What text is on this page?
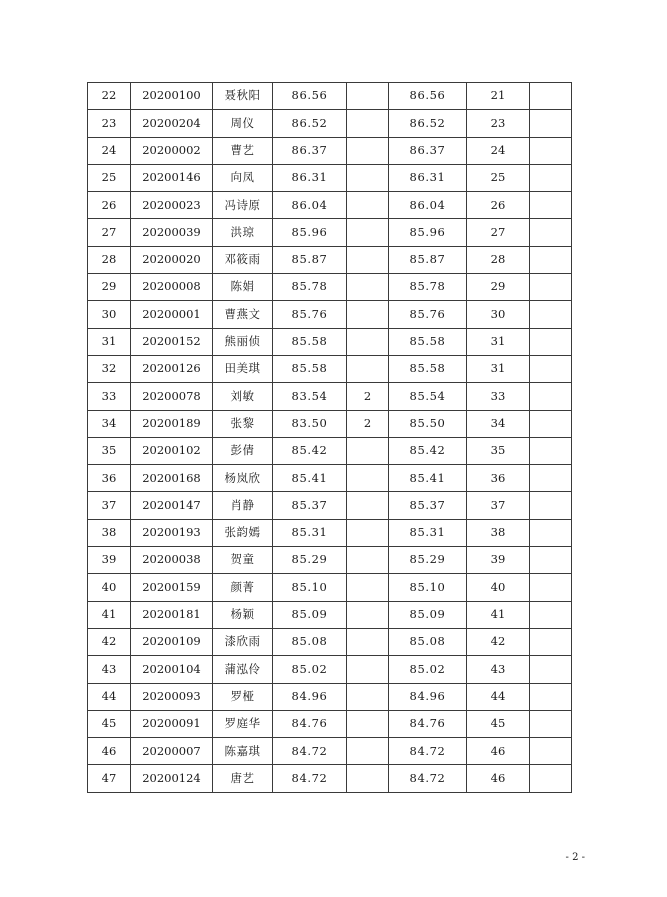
22	20200100	聂秋阳	86.56		86.56	21	
23	20200204	周仪	86.52		86.52	23	
24	20200002	曹艺	86.37		86.37	24	
25	20200146	向凤	86.31		86.31	25	
26	20200023	冯诗原	86.04		86.04	26	
27	20200039	洪琼	85.96		85.96	27	
28	20200020	邓筱雨	85.87		85.87	28	
29	20200008	陈娟	85.78		85.78	29	
30	20200001	曹燕文	85.76		85.76	30	
31	20200152	熊丽侦	85.58		85.58	31	
32	20200126	田美琪	85.58		85.58	31	
33	20200078	刘敏	83.54	2	85.54	33	
34	20200189	张黎	83.50	2	85.50	34	
35	20200102	彭倩	85.42		85.42	35	
36	20200168	杨岚欣	85.41		85.41	36	
37	20200147	肖静	85.37		85.37	37	
38	20200193	张韵嫣	85.31		85.31	38	
39	20200038	贺童	85.29		85.29	39	
40	20200159	颜菁	85.10		85.10	40	
41	20200181	杨颖	85.09		85.09	41	
42	20200109	漆欣雨	85.08		85.08	42	
43	20200104	蒲泓伶	85.02		85.02	43	
44	20200093	罗桠	84.96		84.96	44	
45	20200091	罗庭华	84.76		84.76	45	
46	20200007	陈嘉琪	84.72		84.72	46	
47	20200124	唐艺	84.72		84.72	46	
- 2 -
